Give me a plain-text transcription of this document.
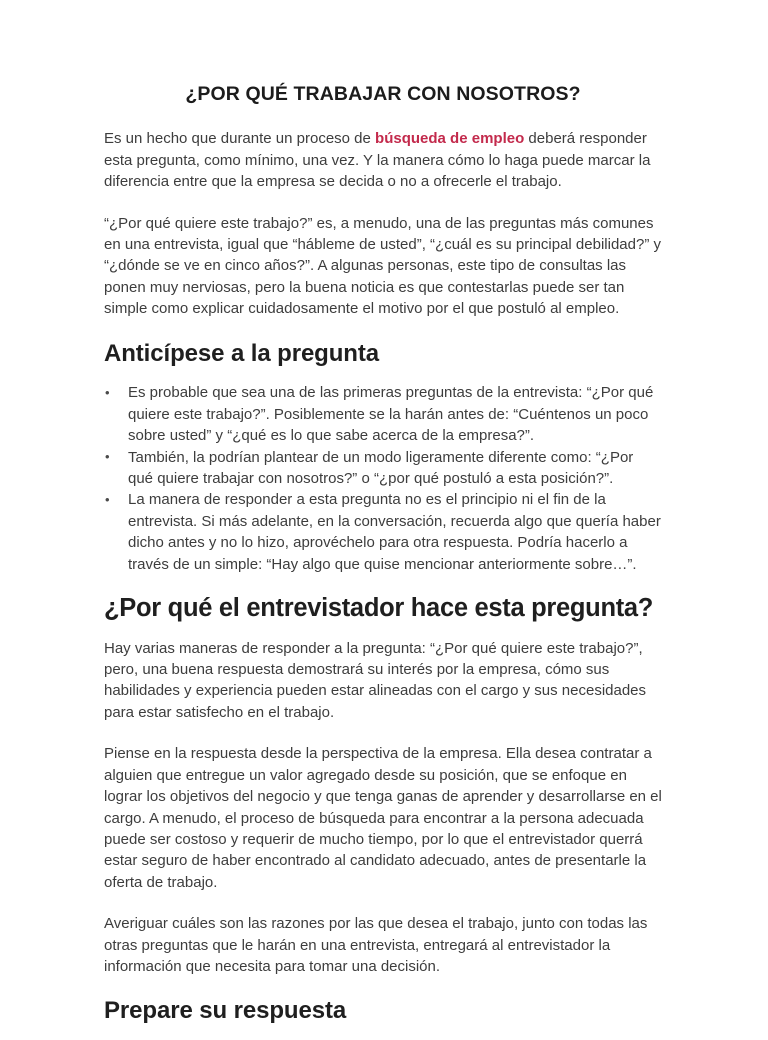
¿POR QUÉ TRABAJAR CON NOSOTROS?

Es un hecho que durante un proceso de búsqueda de empleo deberá responder esta pregunta, como mínimo, una vez. Y la manera cómo lo haga puede marcar la diferencia entre que la empresa se decida o no a ofrecerle el trabajo.

“¿Por qué quiere este trabajo?” es, a menudo, una de las preguntas más comunes en una entrevista, igual que “hábleme de usted”, “¿cuál es su principal debilidad?” y “¿dónde se ve en cinco años?”. A algunas personas, este tipo de consultas las ponen muy nerviosas, pero la buena noticia es que contestarlas puede ser tan simple como explicar cuidadosamente el motivo por el que postuló al empleo.

Anticípese a la pregunta
• Es probable que sea una de las primeras preguntas de la entrevista: “¿Por qué quiere este trabajo?”. Posiblemente se la harán antes de: “Cuéntenos un poco sobre usted” y “¿qué es lo que sabe acerca de la empresa?”.
• También, la podrían plantear de un modo ligeramente diferente como: “¿Por qué quiere trabajar con nosotros?” o “¿por qué postuló a esta posición?”.
• La manera de responder a esta pregunta no es el principio ni el fin de la entrevista. Si más adelante, en la conversación, recuerda algo que quería haber dicho antes y no lo hizo, aprovéchelo para otra respuesta. Podría hacerlo a través de un simple: “Hay algo que quise mencionar anteriormente sobre…”.
¿Por qué el entrevistador hace esta pregunta?

Hay varias maneras de responder a la pregunta: “¿Por qué quiere este trabajo?”, pero, una buena respuesta demostrará su interés por la empresa, cómo sus habilidades y experiencia pueden estar alineadas con el cargo y sus necesidades para estar satisfecho en el trabajo.

Piense en la respuesta desde la perspectiva de la empresa. Ella desea contratar a alguien que entregue un valor agregado desde su posición, que se enfoque en lograr los objetivos del negocio y que tenga ganas de aprender y desarrollarse en el cargo. A menudo, el proceso de búsqueda para encontrar a la persona adecuada puede ser costoso y requerir de mucho tiempo, por lo que el entrevistador querrá estar seguro de haber encontrado al candidato adecuado, antes de presentarle la oferta de trabajo.

Averiguar cuáles son las razones por las que desea el trabajo, junto con todas las otras preguntas que le harán en una entrevista, entregará al entrevistador la información que necesita para tomar una decisión.

Prepare su respuesta
